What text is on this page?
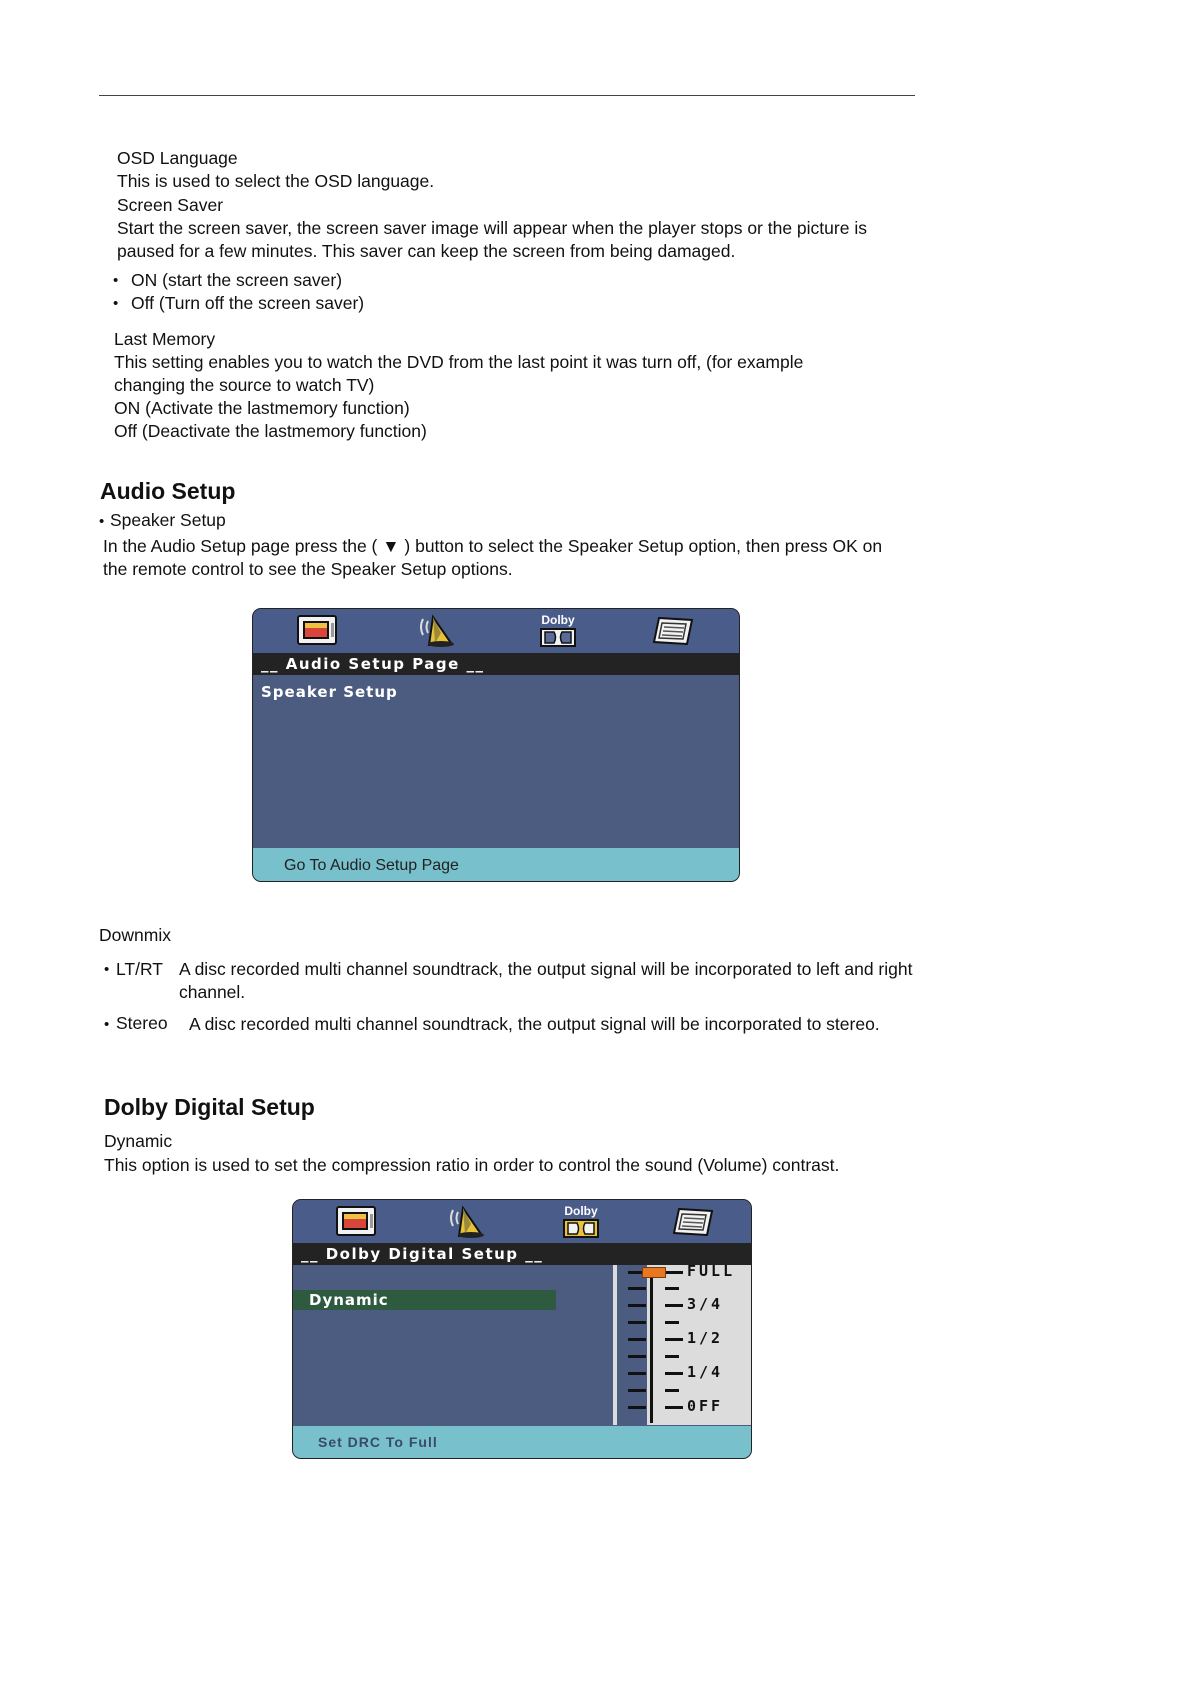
OSD Language
This is used to select the OSD language.
Screen Saver
Start the screen saver, the screen saver image will appear when the player stops or the picture is
paused for a few minutes. This saver can keep the screen from being damaged.
• ON (start the screen saver)
• Off (Turn off the screen saver)
Last Memory
This setting enables you to watch the DVD from the last point it was turn off, (for example
changing the source to watch TV)
ON (Activate the lastmemory function)
Off (Deactivate the lastmemory function)
Audio Setup
• Speaker Setup
In the Audio Setup page press the ( ▼ ) button to select the Speaker Setup option, then press OK on
the remote control to see the Speaker Setup options.
Dolby
__ Audio Setup Page __
Speaker Setup
Go To Audio Setup Page
Downmix
• LT/RT A disc recorded multi channel soundtrack, the output signal will be incorporated to left and right
channel.
• Stereo A disc recorded multi channel soundtrack, the output signal will be incorporated to stereo.
Dolby Digital Setup
Dynamic
This option is used to set the compression ratio in order to control the sound (Volume) contrast.
Dolby
__ Dolby Digital Setup __
Dynamic
FULL
3/4
1/2
1/4
0FF
Set DRC To Full
